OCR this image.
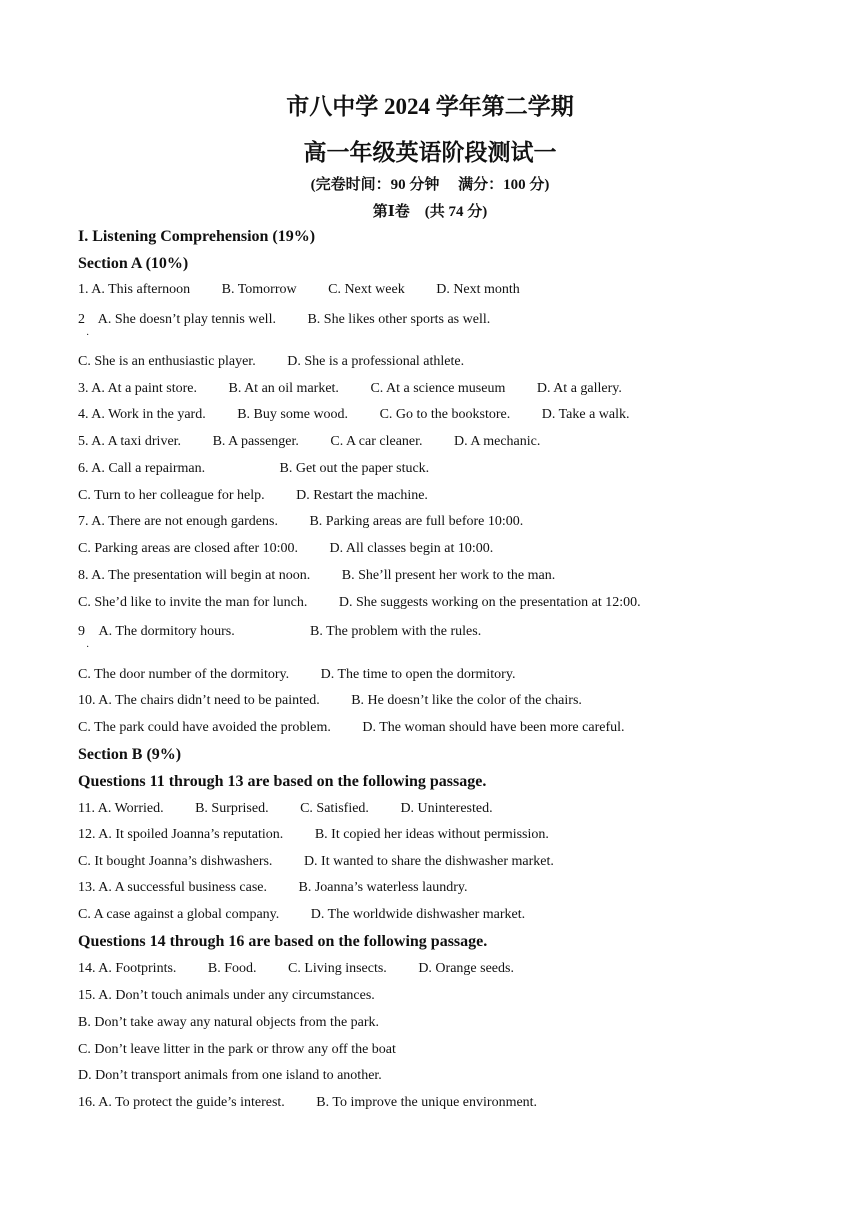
市八中学 2024 学年第二学期
高一年级英语阶段测试一
(完卷时间：90 分钟　 满分：100 分)
第Ⅰ卷　(共 74 分)
I. Listening Comprehension (19%)
Section A (10%)
1. A. This afternoon B. Tomorrow C. Next week D. Next month
2 A. She doesn’t play tennis well. B. She likes other sports as well.
·
C. She is an enthusiastic player. D. She is a professional athlete.
3. A. At a paint store. B. At an oil market. C. At a science museum D. At a gallery.
4. A. Work in the yard. B. Buy some wood. C. Go to the bookstore. D. Take a walk.
5. A. A taxi driver. B. A passenger. C. A car cleaner. D. A mechanic.
6. A. Call a repairman.	B. Get out the paper stuck.
C. Turn to her colleague for help. D. Restart the machine.
7. A. There are not enough gardens. B. Parking areas are full before 10:00.
C. Parking areas are closed after 10:00. D. All classes begin at 10:00.
8. A. The presentation will begin at noon. B. She’ll present her work to the man.
C. She’d like to invite the man for lunch. D. She suggests working on the presentation at 12:00.
9 A. The dormitory hours.	B. The problem with the rules.
·
C. The door number of the dormitory. D. The time to open the dormitory.
10. A. The chairs didn’t need to be painted. B. He doesn’t like the color of the chairs.
C. The park could have avoided the problem. D. The woman should have been more careful.
Section B (9%)
Questions 11 through 13 are based on the following passage.
11. A. Worried. B. Surprised. C. Satisfied. D. Uninterested.
12. A. It spoiled Joanna’s reputation. B. It copied her ideas without permission.
C. It bought Joanna’s dishwashers. D. It wanted to share the dishwasher market.
13. A. A successful business case. B. Joanna’s waterless laundry.
C. A case against a global company. D. The worldwide dishwasher market.
Questions 14 through 16 are based on the following passage.
14. A. Footprints. B. Food. C. Living insects. D. Orange seeds.
15. A. Don’t touch animals under any circumstances.
B. Don’t take away any natural objects from the park.
C. Don’t leave litter in the park or throw any off the boat
D. Don’t transport animals from one island to another.
16. A. To protect the guide’s interest. B. To improve the unique environment.
